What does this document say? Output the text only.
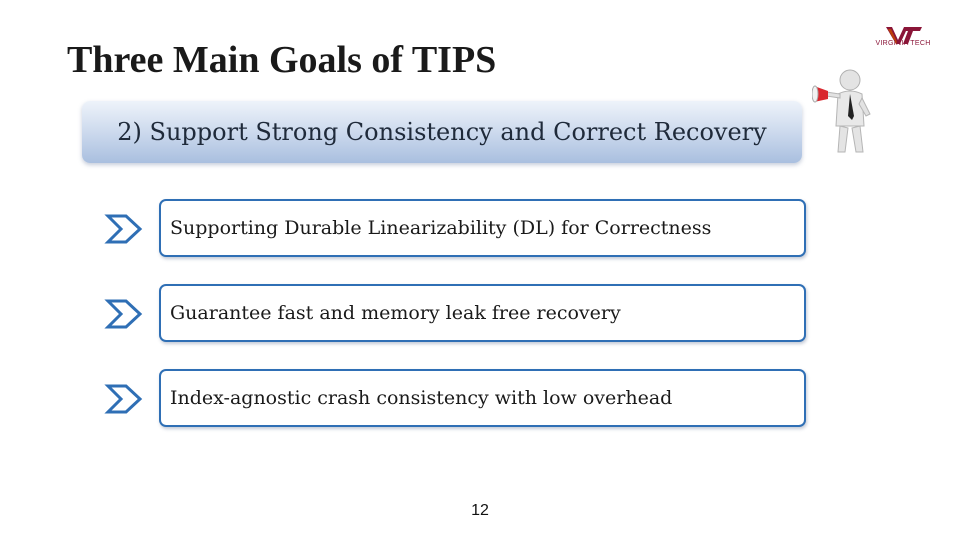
Three Main Goals of TIPS	VIRGINIA TECH
2) Support Strong Consistency and Correct Recovery
Supporting Durable Linearizability (DL) for Correctness
Guarantee fast and memory leak free recovery
Index-agnostic crash consistency with low overhead
12
